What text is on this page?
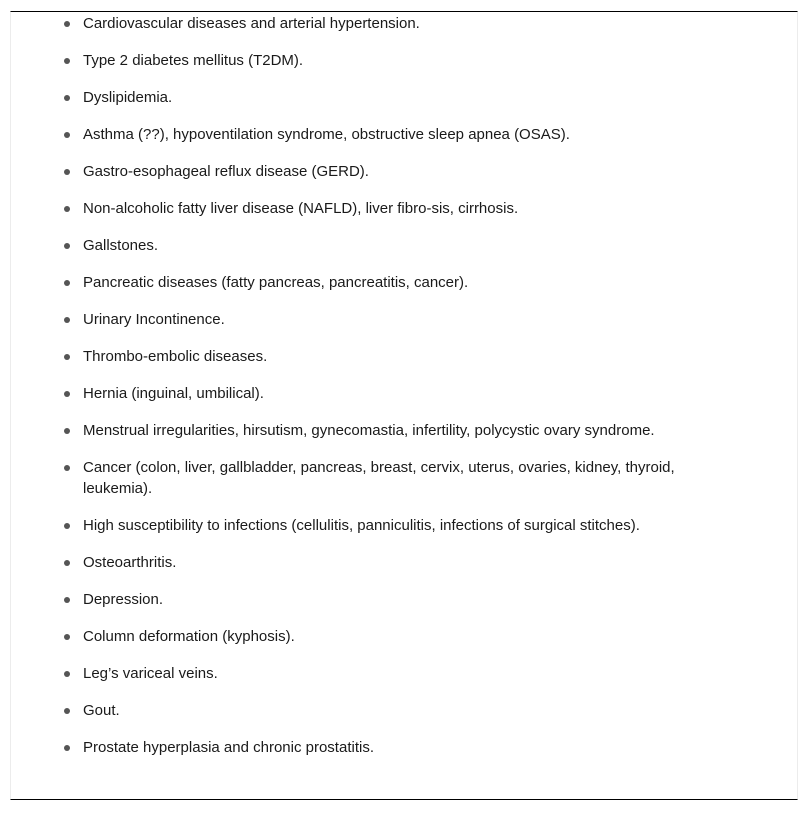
Cardiovascular diseases and arterial hypertension.
Type 2 diabetes mellitus (T2DM).
Dyslipidemia.
Asthma (??), hypoventilation syndrome, obstructive sleep apnea (OSAS).
Gastro-esophageal reflux disease (GERD).
Non-alcoholic fatty liver disease (NAFLD), liver fibro-sis, cirrhosis.
Gallstones.
Pancreatic diseases (fatty pancreas, pancreatitis, cancer).
Urinary Incontinence.
Thrombo-embolic diseases.
Hernia (inguinal, umbilical).
Menstrual irregularities, hirsutism, gynecomastia, infertility, polycystic ovary syndrome.
Cancer (colon, liver, gallbladder, pancreas, breast, cervix, uterus, ovaries, kidney, thyroid, leukemia).
High susceptibility to infections (cellulitis, panniculitis, infections of surgical stitches).
Osteoarthritis.
Depression.
Column deformation (kyphosis).
Leg’s variceal veins.
Gout.
Prostate hyperplasia and chronic prostatitis.
